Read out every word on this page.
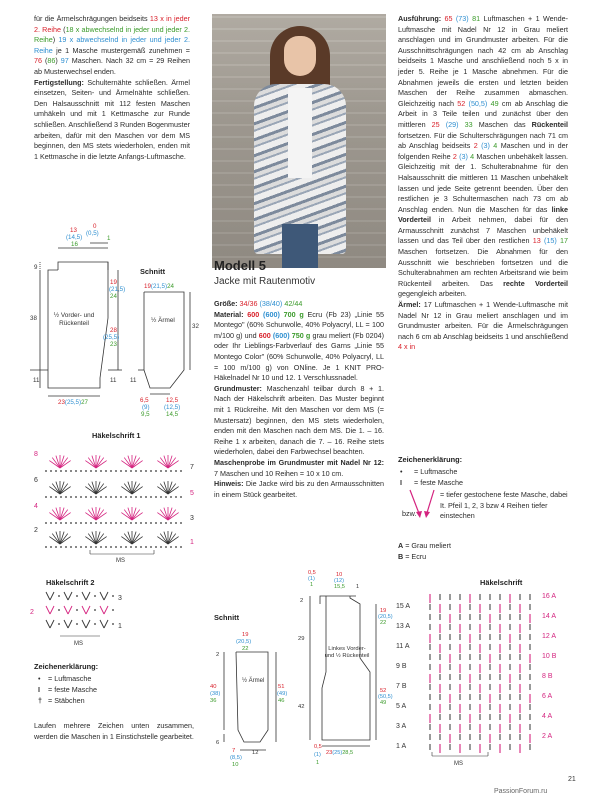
für die Ärmelschrägungen beidseits 13 x in jeder 2. Reihe (18 x abwechselnd in jeder und jeder 2. Reihe) 19 x abwechselnd in jeder und jeder 2. Reihe je 1 Masche mustergemäß zunehmen = 76 (86) 97 Maschen. Nach 32 cm = 29 Reihen ab Musterwechsel enden.
Fertigstellung: Schulternähte schließen. Ärmel einsetzen, Seiten- und Ärmelnähte schließen. Den Halsausschnitt mit 112 festen Maschen umhäkeln und mit 1 Kettmasche zur Runde schließen. Anschließend 3 Runden Bogenmuster arbeiten, dafür mit den Maschen vor dem MS beginnen, den MS stets wiederholen, enden mit 1 Kettmasche in die letzte Anfangs-Luftmasche.
0
(0,5)
1
13
(14,5)
16
19
(21,5)
24
28
(25,5)
23
9
38
11	11
½ Vorder- und Rückenteil
23(25,5)27
Schnitt
19(21,5)24
32
11
½ Ärmel
6,5
(9)
9,5
12,5
(12,5)
14,5
Häkelschrift 1
8
6
4
2
7
5
3
1
MS
Häkelschrift 2
3
2
1
MS
Zeichenerklärung:
• = Luftmasche
I = feste Masche
† = Stäbchen
Laufen mehrere Zeichen unten zusammen, werden die Maschen in 1 Einstichstelle gearbeitet.
Modell 5
Jacke mit Rautenmotiv
Größe: 34/36 (38/40) 42/44
Material: 600 (600) 700 g Ecru (Fb 23) „Linie 55 Montego" (60% Schurwolle, 40% Polyacryl, LL = 100 m/100 g) und 600 (600) 750 g grau meliert (Fb 0204) oder Ihr Lieblings-Farbverlauf des Garns „Linie 55 Montego Color" (60% Schurwolle, 40% Polyacryl, LL = 100 m/100 g) von ONline. Je 1 KNIT PRO-Häkelnadel Nr 10 und 12. 1 Verschlussnadel.
Grundmuster: Maschenzahl teilbar durch 8 + 1. Nach der Häkelschrift arbeiten. Das Muster beginnt mit 1 Rückreihe. Mit den Maschen vor dem MS (= Mustersatz) beginnen, den MS stets wiederholen, enden mit den Maschen nach dem MS. Die 1. – 16. Reihe 1 x arbeiten, danach die 7. – 16. Reihe stets wiederholen, dabei den Farbwechsel beachten.
Maschenprobe im Grundmuster mit Nadel Nr 12: 7 Maschen und 10 Reihen = 10 x 10 cm.
Hinweis: Die Jacke wird bis zu den Armausschnitten in einem Stück gearbeitet.
Ausführung: 65 (73) 81 Luftmaschen + 1 Wende-Luftmasche mit Nadel Nr 12 in Grau meliert anschlagen und im Grundmuster arbeiten. Für die Ausschnittschrägungen nach 42 cm ab Anschlag beidseits 1 Masche und anschließend noch 5 x in jeder 5. Reihe je 1 Masche abnehmen. Für die Abnahmen jeweils die ersten und letzten beiden Maschen der Reihe zusammen abmaschen. Gleichzeitig nach 52 (50,5) 49 cm ab Anschlag die Arbeit in 3 Teile teilen und zunächst über den mittleren 25 (29) 33 Maschen das Rückenteil fortsetzen. Für die Schulterschrägungen nach 71 cm ab Anschlag beidseits 2 (3) 4 Maschen und in der folgenden Reihe 2 (3) 4 Maschen unbehäkelt lassen. Gleichzeitig mit der 1. Schulterabnahme für den Halsausschnitt die mittleren 11 Maschen unbehäkelt lassen und jede Seite getrennt beenden. Über den restlichen je 3 Schultermaschen nach 73 cm ab Anschlag enden. Nun die Maschen für das linke Vorderteil in Arbeit nehmen, dabei für den Armausschnitt zunächst 7 Maschen unbehäkelt lassen und das Teil über den restlichen 13 (15) 17 Maschen fortsetzen. Die Abnahmen für den Ausschnitt wie beschrieben fortsetzen und die Schulterabnahmen am rechten Arbeitsrand wie beim Rückenteil arbeiten. Das rechte Vorderteil gegengleich arbeiten.
Ärmel: 17 Luftmaschen + 1 Wende-Luftmasche mit Nadel Nr 12 in Grau meliert anschlagen und im Grundmuster arbeiten. Für die Ärmelschrägungen nach 6 cm ab Anschlag beidseits 1 und anschließend 4 x in
Zeichenerklärung:
• = Luftmasche
I = feste Masche
bzw.
= tiefer gestochene feste Masche, dabei It. Pfeil 1, 2, 3 bzw 4 Reihen tiefer einstechen
A = Grau meliert
B = Ecru
Schnitt
19
(20,5)
22
2
40
(38)
36
½ Ärmel
51
(49)
46
6
7
(8,5)
10
12
0,5
(1)
1
10
(12)
15,5 1
2
29
42
Linkes Vorder- und ½ Rückenteil
19
(20,5)
22
52
(50,5)
49
23(25)28,5
0,5
(1)
1
Häkelschrift
15 A
13 A
11 A
9 B
7 B
5 A
3 A
1 A
16 A
14 A
12 A
10 B
8 B
6 A
4 A
2 A
MS
21
PassionForum.ru
